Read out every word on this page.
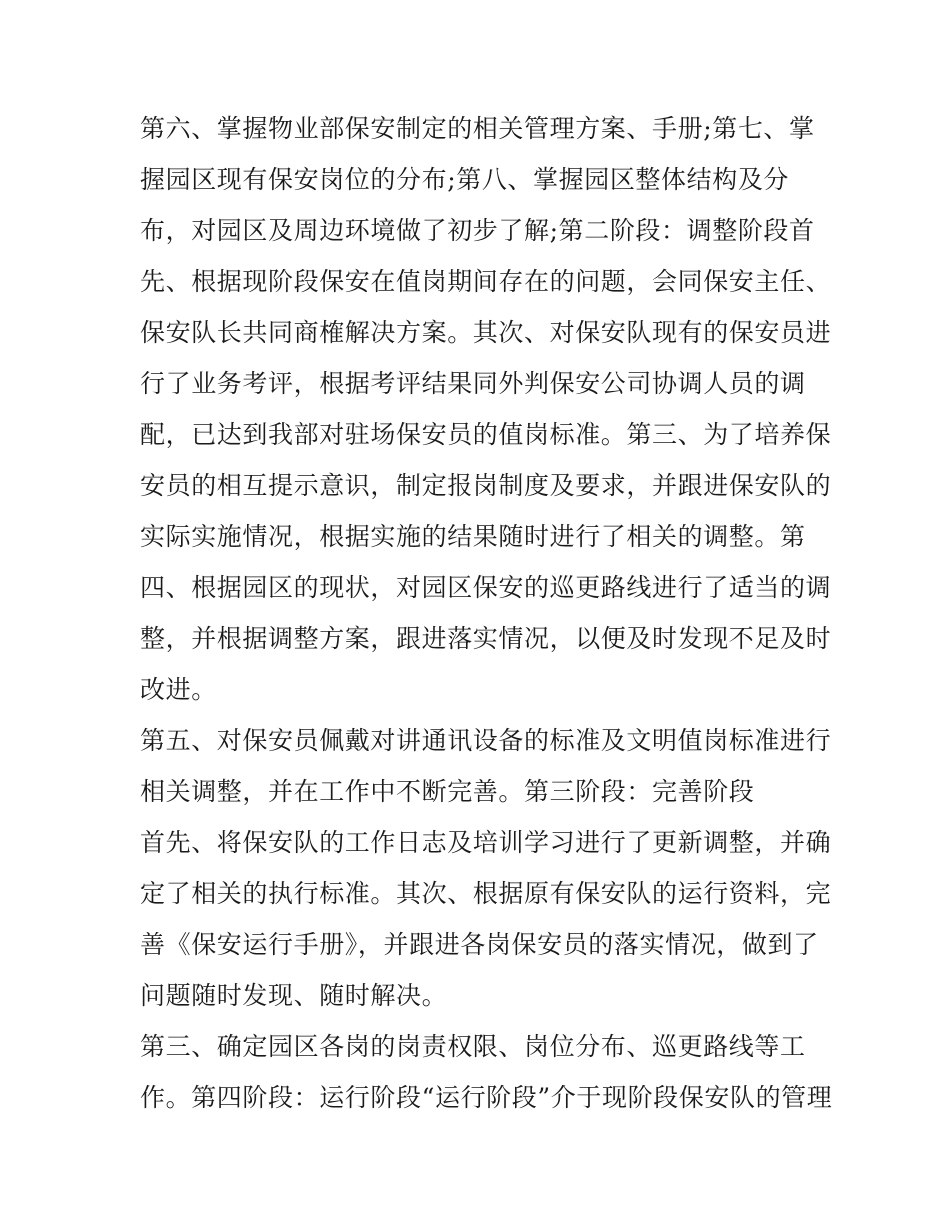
第六、掌握物业部保安制定的相关管理方案、手册;第七、掌
握园区现有保安岗位的分布;第八、掌握园区整体结构及分
布，对园区及周边环境做了初步了解;第二阶段：调整阶段首
先、根据现阶段保安在值岗期间存在的问题，会同保安主任、
保安队长共同商榷解决方案。其次、对保安队现有的保安员进
行了业务考评，根据考评结果同外判保安公司协调人员的调
配，已达到我部对驻场保安员的值岗标准。第三、为了培养保
安员的相互提示意识，制定报岗制度及要求，并跟进保安队的
实际实施情况，根据实施的结果随时进行了相关的调整。第
四、根据园区的现状，对园区保安的巡更路线进行了适当的调
整，并根据调整方案，跟进落实情况，以便及时发现不足及时
改进。
第五、对保安员佩戴对讲通讯设备的标准及文明值岗标准进行
相关调整，并在工作中不断完善。第三阶段：完善阶段
首先、将保安队的工作日志及培训学习进行了更新调整，并确
定了相关的执行标准。其次、根据原有保安队的运行资料，完
善《保安运行手册》，并跟进各岗保安员的落实情况，做到了
问题随时发现、随时解决。
第三、确定园区各岗的岗责权限、岗位分布、巡更路线等工
作。第四阶段：运行阶段“运行阶段”介于现阶段保安队的管理
